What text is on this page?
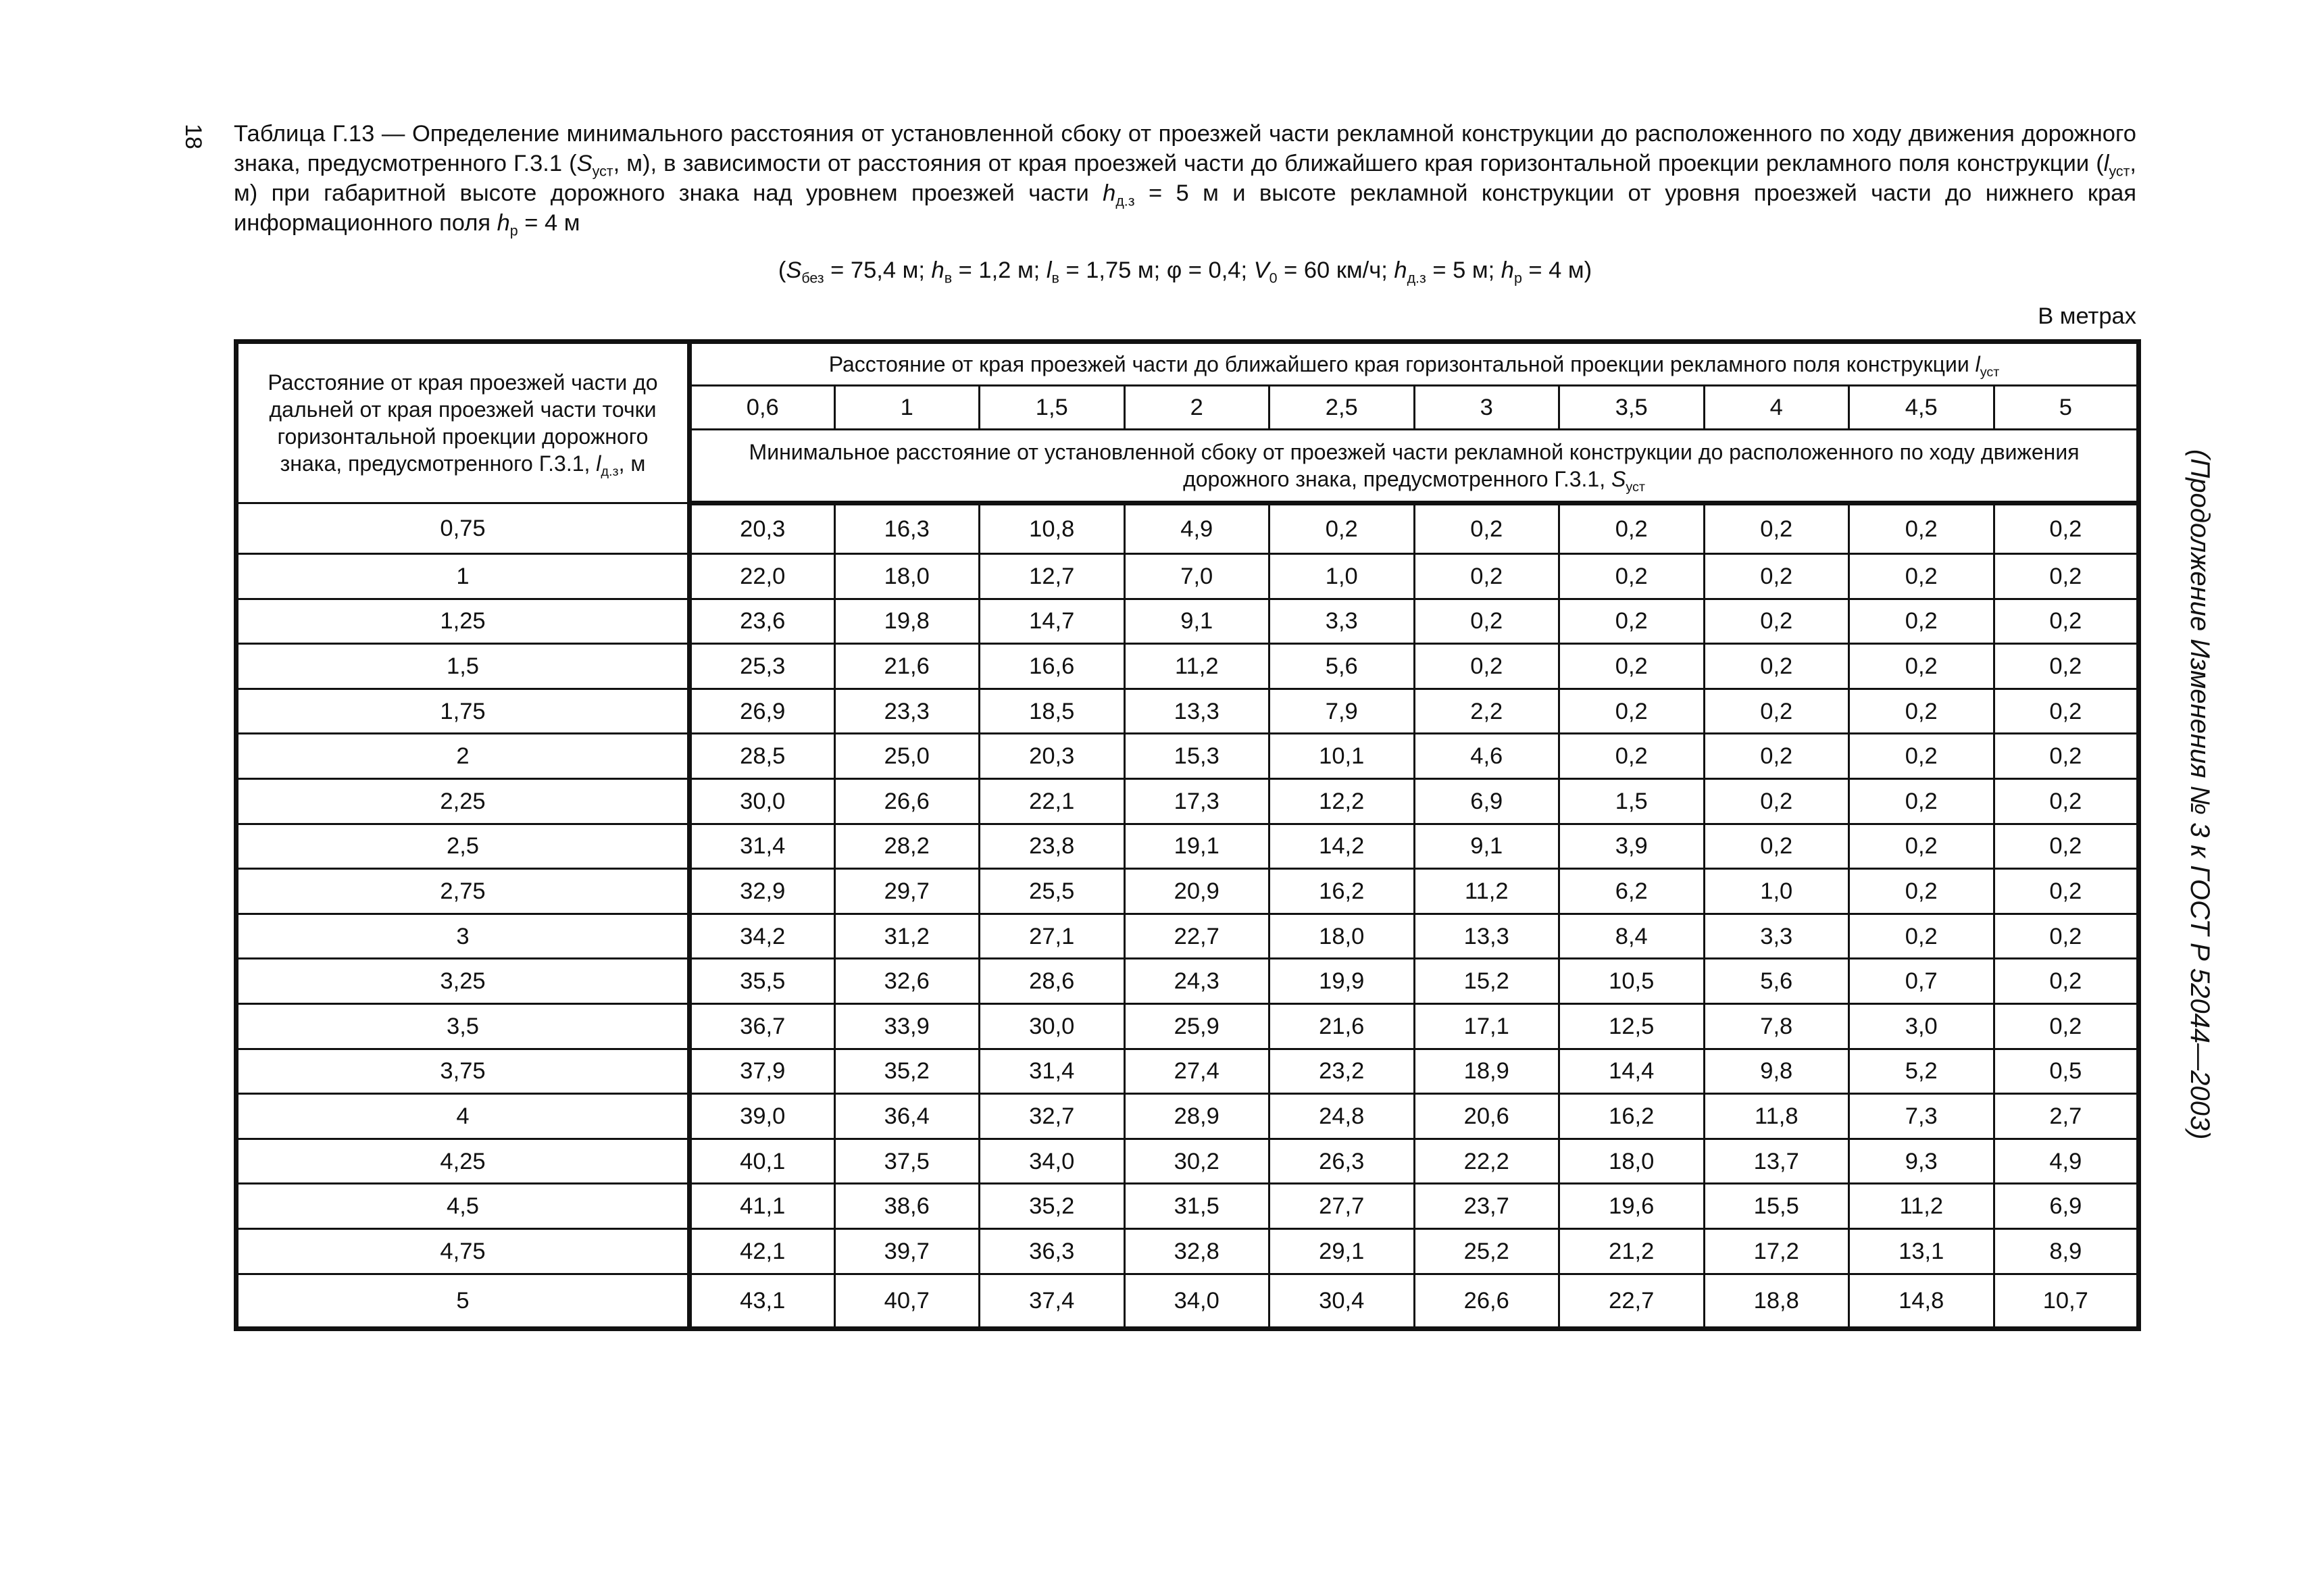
18 Таблица Г.13 — Определение минимального расстояния от установленной сбоку от проезжей части рекламной конструкции до расположенного по ходу движения дорожного знака, предусмотренного Г.3.1 ($S_{уст}$, м), в зависимости от расстояния от края проезжей части до ближайшего края горизонтальной проекции рекламного поля конструкции ($l_{уст}$, м) при габаритной высоте дорожного знака над уровнем проезжей части $h_{д.з} = 5$ м и высоте рекламной конструкции от уровня проезжей части до нижнего края информационного поля $h_р = 4$ м
($S_{без} = 75,4$ м; $h_в = 1,2$ м; $l_в = 1,75$ м; φ = 0,4; $V_0 = 60$ км/ч; $h_{д.з} = 5$ м; $h_р = 4$ м)
В метрах
Расстояние от края проезжей части до дальней от края проезжей части точки горизонтальной проекции дорожного знака, предусмотренного Г.3.1, $l_{д.з}$, м	Расстояние от края проезжей части до ближайшего края горизонтальной проекции рекламного поля конструкции $l_{уст}$
	0,6	1	1,5	2	2,5	3	3,5	4	4,5	5
	Минимальное расстояние от установленной сбоку от проезжей части рекламной конструкции до расположенного по ходу движения дорожного знака, предусмотренного Г.3.1, $S_{уст}$
0,75	20,3	16,3	10,8	4,9	0,2	0,2	0,2	0,2	0,2	0,2
1	22,0	18,0	12,7	7,0	1,0	0,2	0,2	0,2	0,2	0,2
1,25	23,6	19,8	14,7	9,1	3,3	0,2	0,2	0,2	0,2	0,2
1,5	25,3	21,6	16,6	11,2	5,6	0,2	0,2	0,2	0,2	0,2
1,75	26,9	23,3	18,5	13,3	7,9	2,2	0,2	0,2	0,2	0,2
2	28,5	25,0	20,3	15,3	10,1	4,6	0,2	0,2	0,2	0,2
2,25	30,0	26,6	22,1	17,3	12,2	6,9	1,5	0,2	0,2	0,2
2,5	31,4	28,2	23,8	19,1	14,2	9,1	3,9	0,2	0,2	0,2
2,75	32,9	29,7	25,5	20,9	16,2	11,2	6,2	1,0	0,2	0,2
3	34,2	31,2	27,1	22,7	18,0	13,3	8,4	3,3	0,2	0,2
3,25	35,5	32,6	28,6	24,3	19,9	15,2	10,5	5,6	0,7	0,2
3,5	36,7	33,9	30,0	25,9	21,6	17,1	12,5	7,8	3,0	0,2
3,75	37,9	35,2	31,4	27,4	23,2	18,9	14,4	9,8	5,2	0,5
4	39,0	36,4	32,7	28,9	24,8	20,6	16,2	11,8	7,3	2,7
4,25	40,1	37,5	34,0	30,2	26,3	22,2	18,0	13,7	9,3	4,9
4,5	41,1	38,6	35,2	31,5	27,7	23,7	19,6	15,5	11,2	6,9
4,75	42,1	39,7	36,3	32,8	29,1	25,2	21,2	17,2	13,1	8,9
5	43,1	40,7	37,4	34,0	30,4	26,6	22,7	18,8	14,8	10,7
(Продолжение Изменения № 3 к ГОСТ Р 52044—2003)
